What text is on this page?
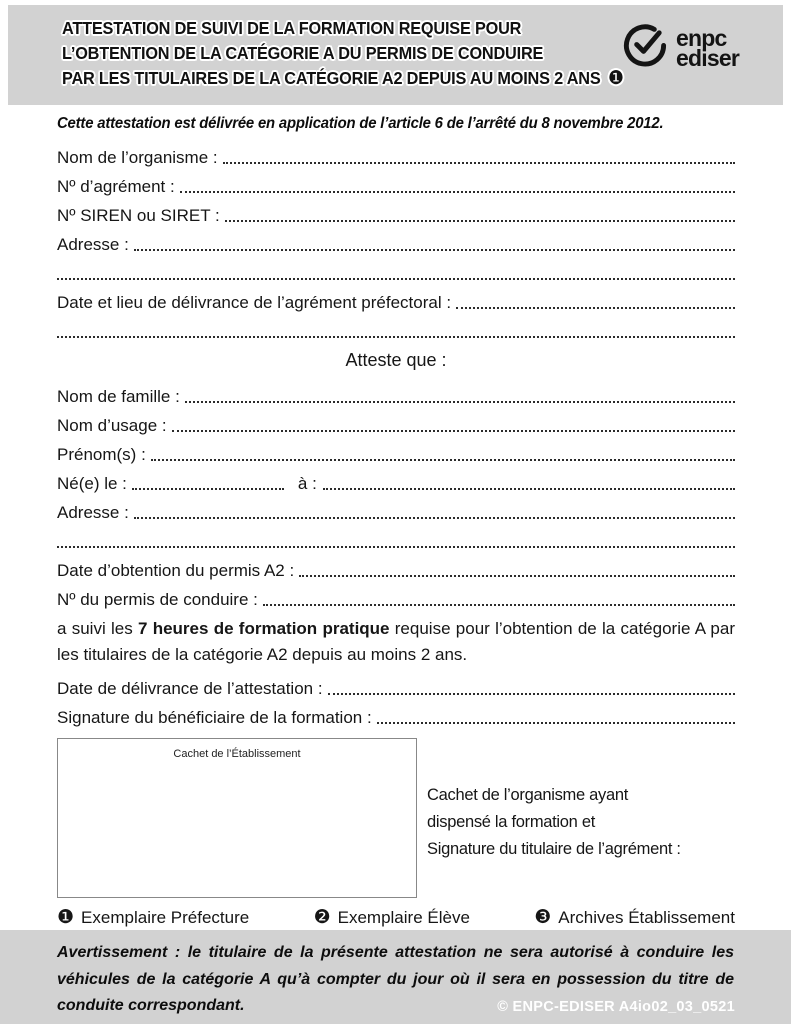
ATTESTATION DE SUIVI DE LA FORMATION REQUISE POUR
L’OBTENTION DE LA CATÉGORIE A DU PERMIS DE CONDUIRE
PAR LES TITULAIRES DE LA CATÉGORIE A2 DEPUIS AU MOINS 2 ANS ❶
enpc
ediser

Cette attestation est délivrée en application de l’article 6 de l’arrêté du 8 novembre 2012.

Nom de l’organisme :
Nº d’agrément :
Nº SIREN ou SIRET :
Adresse :
Date et lieu de délivrance de l’agrément préfectoral :
Atteste que :
Nom de famille :
Nom d’usage :
Prénom(s) :
Né(e) le :	à :
Adresse :
Date d’obtention du permis A2 :
Nº du permis de conduire :

a suivi les 7 heures de formation pratique requise pour l’obtention de la catégorie A par les titulaires de la catégorie A2 depuis au moins 2 ans.

Date de délivrance de l’attestation :
Signature du bénéficiaire de la formation :
Cachet de l’Établissement
Cachet de l’organisme ayant
dispensé la formation et
Signature du titulaire de l’agrément :
❶ Exemplaire Préfecture	❷ Exemplaire Élève	❸ Archives Établissement

Avertissement : le titulaire de la présente attestation ne sera autorisé à conduire les véhicules de la catégorie A qu’à compter du jour où il sera en possession du titre de conduite correspondant.	© ENPC-EDISER A4io02_03_0521
